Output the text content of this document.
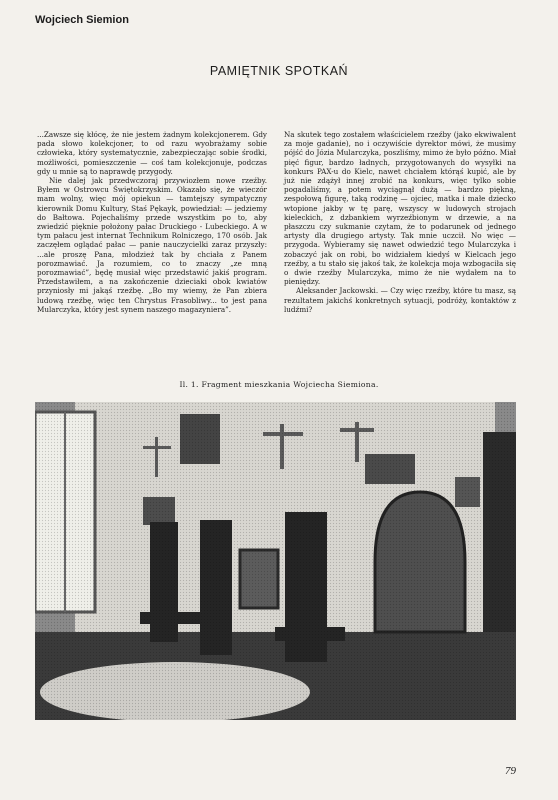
Wojciech Siemion
PAMIĘTNIK SPOTKAŃ

...Zawsze się kłócę, że nie jestem żadnym kolekcjonerem. Gdy pada słowo kolekcjoner, to od razu wyobrażamy sobie człowieka, który systematycznie, zabezpieczając sobie środki, możliwości, pomieszczenie — coś tam kolekcjonuje, podczas gdy u mnie są to naprawdę przygody.

Nie dalej jak przedwczoraj przywiozłem nowe rzeźby. Byłem w Ostrowcu Świętokrzyskim. Okazało się, że wieczór mam wolny, więc mój opiekun — tamtejszy sympatyczny kierownik Domu Kultury, Staś Pękayk, powiedział: — jedziemy do Bałtowa. Pojechaliśmy przede wszystkim po to, aby zwiedzić pięknie położony pałac Druckiego - Lubeckiego. A w tym pałacu jest internat Technikum Rolniczego, 170 osób. Jak zaczęłem oglądać pałac — panie nauczycielki zaraz przyszły: ...ale proszę Pana, młodzież tak by chciała z Panem porozmawiać. Ja rozumiem, co to znaczy „ze mną porozmawiać”, będę musiał więc przedstawić jakiś program. Przedstawiłem, a na zakończenie dzieciaki obok kwiatów przyniosły mi jakąś rzeźbę. „Bo my wiemy, że Pan zbiera ludową rzeźbę, więc ten Chrystus Frasobliwy... to jest pana Mularczyka, który jest synem naszego magazyniera”.

Na skutek tego zostałem właścicielem rzeźby (jako ekwiwalent za moje gadanie), no i oczywiście dyrektor mówi, że musimy pójść do Józia Mularczyka, poszliśmy, mimo że było późno. Miał pięć figur, bardzo ładnych, przygotowanych do wysyłki na konkurs PAX-u do Kielc, nawet chciałem którąś kupić, ale by już nie zdążył innej zrobić na konkurs, więc tylko sobie pogadaliśmy, a potem wyciągnął dużą — bardzo piękną, zespołową figurę, taką rodzinę — ojciec, matka i małe dziecko wtopione jakby w tę parę, wszyscy w ludowych strojach kieleckich, z dzbankiem wyrzeźbionym w drzewie, a na płaszczu czy sukmanie czytam, że to podarunek od jednego artysty dla drugiego artysty. Tak mnie uczcił. No więc — przygoda. Wybieramy się nawet odwiedzić tego Mularczyka i zobaczyć jak on robi, bo widziałem kiedyś w Kielcach jego rzeźby, a tu stało się jakoś tak, że kolekcja moja wzbogaciła się o dwie rzeźby Mularczyka, mimo że nie wydałem na to pieniędzy.

Aleksander Jackowski. — Czy więc rzeźby, które tu masz, są rezultatem jakichś konkretnych sytuacji, podróży, kontaktów z ludźmi?

Il. 1. Fragment mieszkania Wojciecha Siemiona.
79
